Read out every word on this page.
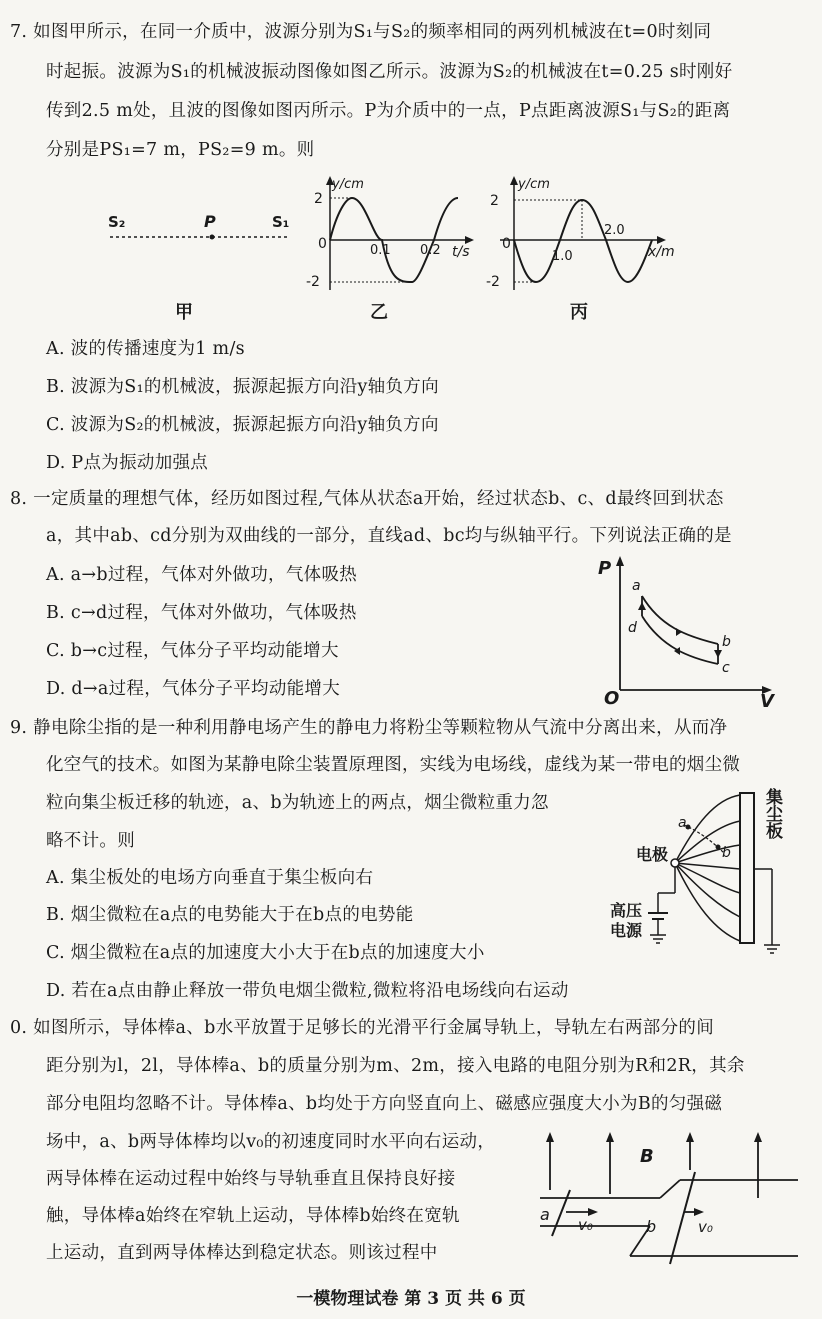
7. 如图甲所示，在同一介质中，波源分别为S₁与S₂的频率相同的两列机械波在t=0时刻同
时起振。波源为S₁的机械波振动图像如图乙所示。波源为S₂的机械波在t=0.25 s时刚好
传到2.5 m处，且波的图像如图丙所示。P为介质中的一点，P点距离波源S₁与S₂的距离
分别是PS₁=7 m，PS₂=9 m。则
S₂	P	S₁
甲
y/cm
2
-2
0	0.1 0.2 t/s
乙
y/cm
2
-2
0
1.0
2.0
x/m
丙
A. 波的传播速度为1 m/s
B. 波源为S₁的机械波，振源起振方向沿y轴负方向
C. 波源为S₂的机械波，振源起振方向沿y轴负方向
D. P点为振动加强点
8. 一定质量的理想气体，经历如图过程,气体从状态a开始，经过状态b、c、d最终回到状态
a，其中ab、cd分别为双曲线的一部分，直线ad、bc均与纵轴平行。下列说法正确的是
A. a→b过程，气体对外做功，气体吸热
B. c→d过程，气体对外做功，气体吸热
C. b→c过程，气体分子平均动能增大
D. d→a过程，气体分子平均动能增大
P
V
O
a
b
c
d
9. 静电除尘指的是一种利用静电场产生的静电力将粉尘等颗粒物从气流中分离出来，从而净
化空气的技术。如图为某静电除尘装置原理图，实线为电场线，虚线为某一带电的烟尘微
粒向集尘板迁移的轨迹，a、b为轨迹上的两点，烟尘微粒重力忽
略不计。则
A. 集尘板处的电场方向垂直于集尘板向右
B. 烟尘微粒在a点的电势能大于在b点的电势能
C. 烟尘微粒在a点的加速度大小大于在b点的加速度大小
D. 若在a点由静止释放一带负电烟尘微粒,微粒将沿电场线向右运动
a
b
集尘板
电极
高压
电源
0. 如图所示，导体棒a、b水平放置于足够长的光滑平行金属导轨上，导轨左右两部分的间
距分别为l，2l，导体棒a、b的质量分别为m、2m，接入电路的电阻分别为R和2R，其余
部分电阻均忽略不计。导体棒a、b均处于方向竖直向上、磁感应强度大小为B的匀强磁
场中，a、b两导体棒均以v₀的初速度同时水平向右运动，
两导体棒在运动过程中始终与导轨垂直且保持良好接
触，导体棒a始终在窄轨上运动，导体棒b始终在宽轨
上运动，直到两导体棒达到稳定状态。则该过程中
B
a
b
v₀	v₀
一模物理试卷 第 3 页 共 6 页
